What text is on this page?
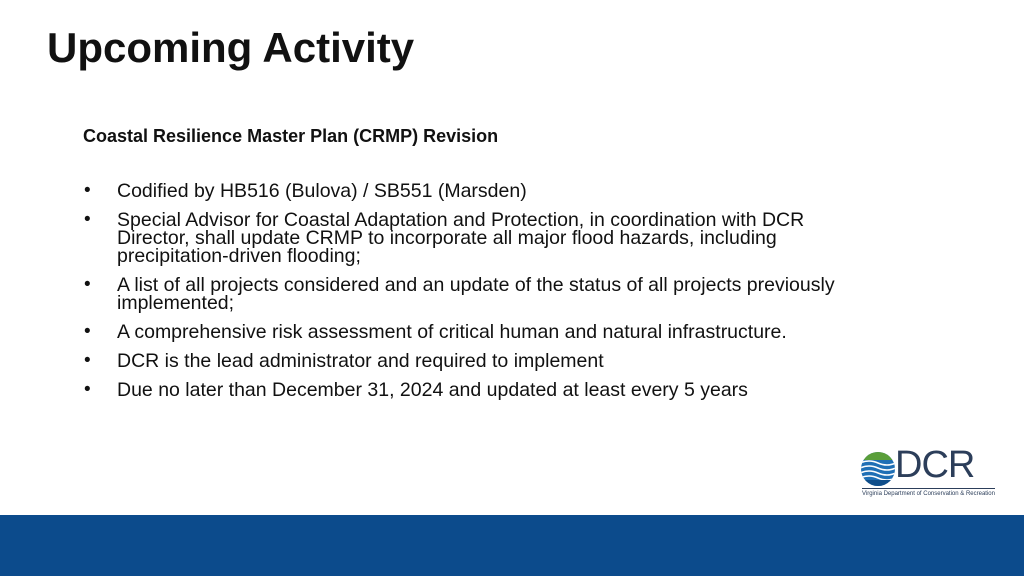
Upcoming Activity
Coastal Resilience Master Plan (CRMP) Revision
• Codified by HB516 (Bulova) / SB551 (Marsden)
• Special Advisor for Coastal Adaptation and Protection, in coordination with DCR Director, shall update CRMP to incorporate all major flood hazards, including precipitation-driven flooding;
• A list of all projects considered and an update of the status of all projects previously implemented;
• A comprehensive risk assessment of critical human and natural infrastructure.
• DCR is the lead administrator and required to implement
• Due no later than December 31, 2024 and updated at least every 5 years
DCR
Virginia Department of Conservation & Recreation
